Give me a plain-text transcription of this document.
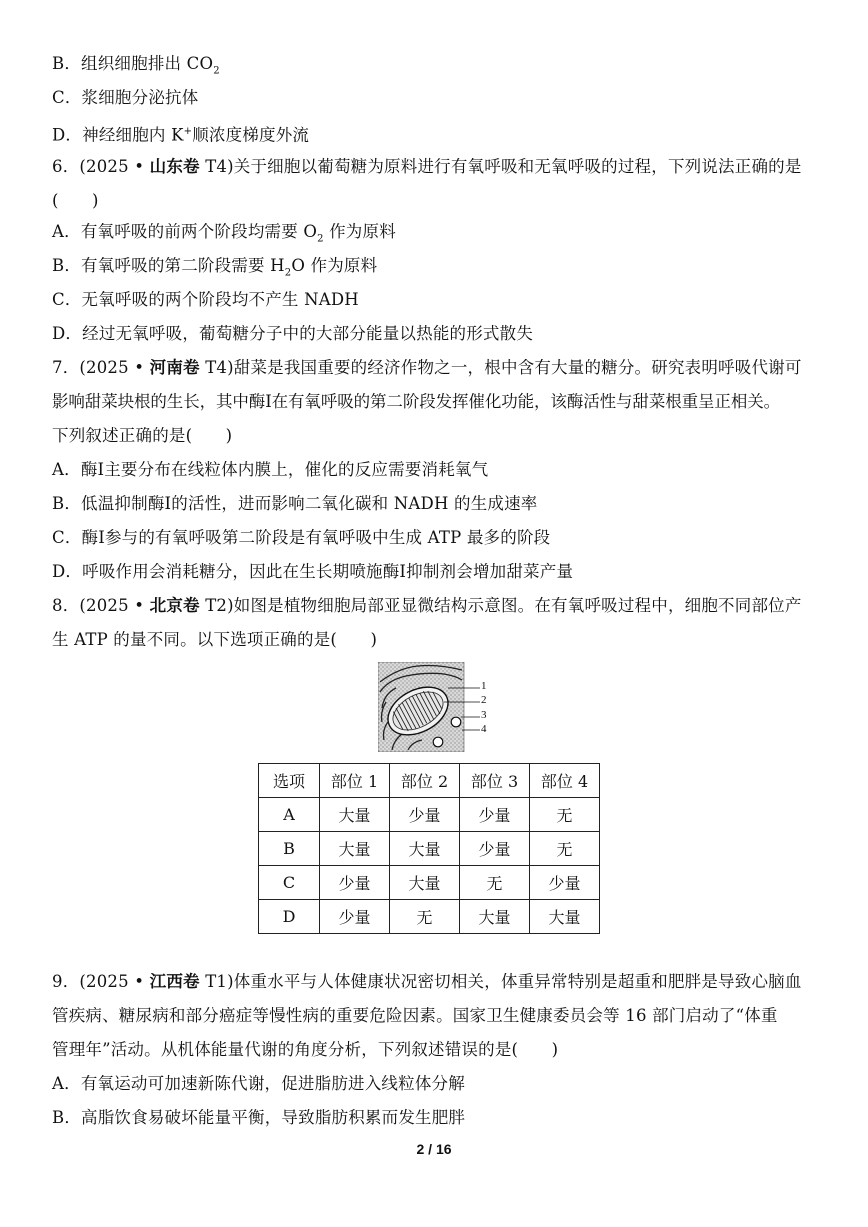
B．组织细胞排出 $CO_2$
C．浆细胞分泌抗体
D．神经细胞内 K+顺浓度梯度外流
6．(2025 • 山东卷 T4)关于细胞以葡萄糖为原料进行有氧呼吸和无氧呼吸的过程，下列说法正确的是
(　　)
A．有氧呼吸的前两个阶段均需要 $O_2$ 作为原料
B．有氧呼吸的第二阶段需要 $H_2O$ 作为原料
C．无氧呼吸的两个阶段均不产生 NADH
D．经过无氧呼吸，葡萄糖分子中的大部分能量以热能的形式散失
7．(2025 • 河南卷 T4)甜菜是我国重要的经济作物之一，根中含有大量的糖分。研究表明呼吸代谢可
影响甜菜块根的生长，其中酶Ⅰ在有氧呼吸的第二阶段发挥催化功能，该酶活性与甜菜根重呈正相关。
下列叙述正确的是(　　)
A．酶Ⅰ主要分布在线粒体内膜上，催化的反应需要消耗氧气
B．低温抑制酶Ⅰ的活性，进而影响二氧化碳和 NADH 的生成速率
C．酶Ⅰ参与的有氧呼吸第二阶段是有氧呼吸中生成 ATP 最多的阶段
D．呼吸作用会消耗糖分，因此在生长期喷施酶Ⅰ抑制剂会增加甜菜产量
8．(2025 • 北京卷 T2)如图是植物细胞局部亚显微结构示意图。在有氧呼吸过程中，细胞不同部位产
生 ATP 的量不同。以下选项正确的是(　　)
1
2
3
4
选项	部位 1	部位 2	部位 3	部位 4
A	大量	少量	少量	无
B	大量	大量	少量	无
C	少量	大量	无	少量
D	少量	无	大量	大量
9．(2025 • 江西卷 T1)体重水平与人体健康状况密切相关，体重异常特别是超重和肥胖是导致心脑血
管疾病、糖尿病和部分癌症等慢性病的重要危险因素。国家卫生健康委员会等 16 部门启动了“体重
管理年”活动。从机体能量代谢的角度分析，下列叙述错误的是(　　)
A．有氧运动可加速新陈代谢，促进脂肪进入线粒体分解
B．高脂饮食易破坏能量平衡，导致脂肪积累而发生肥胖
2 / 16
